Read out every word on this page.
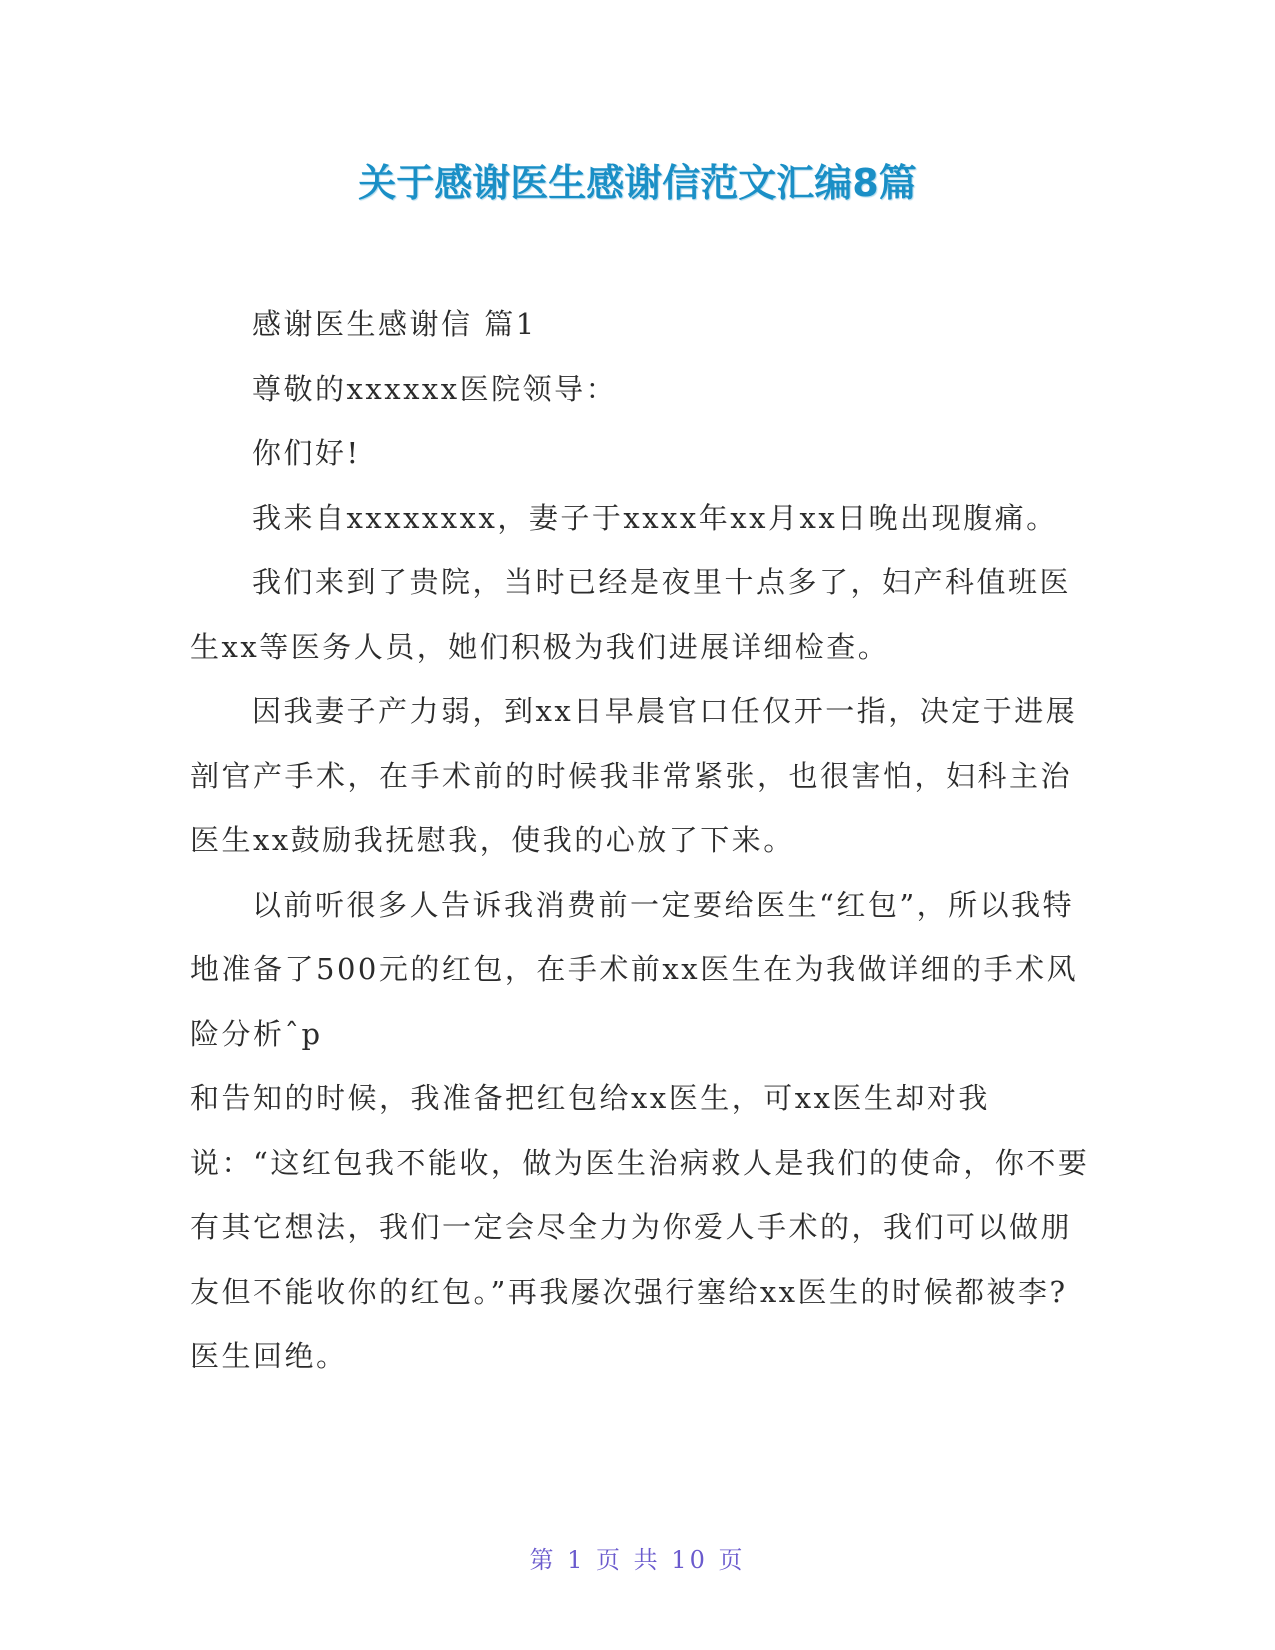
关于感谢医生感谢信范文汇编8篇

感谢医生感谢信 篇1

尊敬的xxxxxx医院领导：

你们好!

我来自xxxxxxxx，妻子于xxxx年xx月xx日晚出现腹痛。

我们来到了贵院，当时已经是夜里十点多了，妇产科值班医生xx等医务人员，她们积极为我们进展详细检查。

因我妻子产力弱，到xx日早晨官口任仅开一指，决定于进展剖官产手术，在手术前的时候我非常紧张，也很害怕，妇科主治医生xx鼓励我抚慰我，使我的心放了下来。

以前听很多人告诉我消费前一定要给医生“红包”，所以我特地准备了500元的红包，在手术前xx医生在为我做详细的手术风险分析ˆp

和告知的时候，我准备把红包给xx医生，可xx医生却对我说：“这红包我不能收，做为医生治病救人是我们的使命，你不要有其它想法，我们一定会尽全力为你爱人手术的，我们可以做朋友但不能收你的红包。”再我屡次强行塞给xx医生的时候都被李?医生回绝。

第 1 页 共 10 页
